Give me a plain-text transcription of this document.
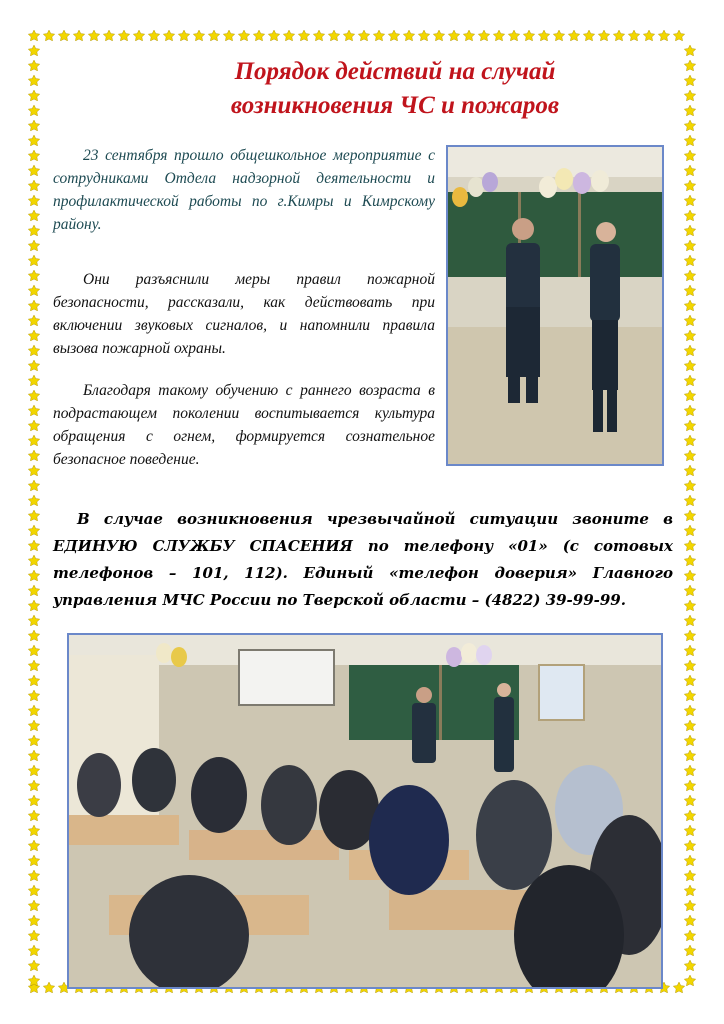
Порядок действий на случай
возникновения ЧС и пожаров
23 сентября прошло общешкольное мероприятие с сотрудниками Отдела надзорной деятельности и профилактической работы по г.Кимры и Кимрскому району.
Они разъяснили меры правил пожарной безопасности, рассказали, как действовать при включении звуковых сигналов, и напомнили правила вызова пожарной охраны.
Благодаря такому обучению с раннего возраста в подрастающем поколении воспитывается культура обращения с огнем, формируется сознательное безопасное поведение.
В случае возникновения чрезвычайной ситуации звоните в ЕДИНУЮ СЛУЖБУ СПАСЕНИЯ по телефону «01» (с сотовых телефонов – 101, 112). Единый «телефон доверия» Главного управления МЧС России по Тверской области – (4822) 39-99-99.
